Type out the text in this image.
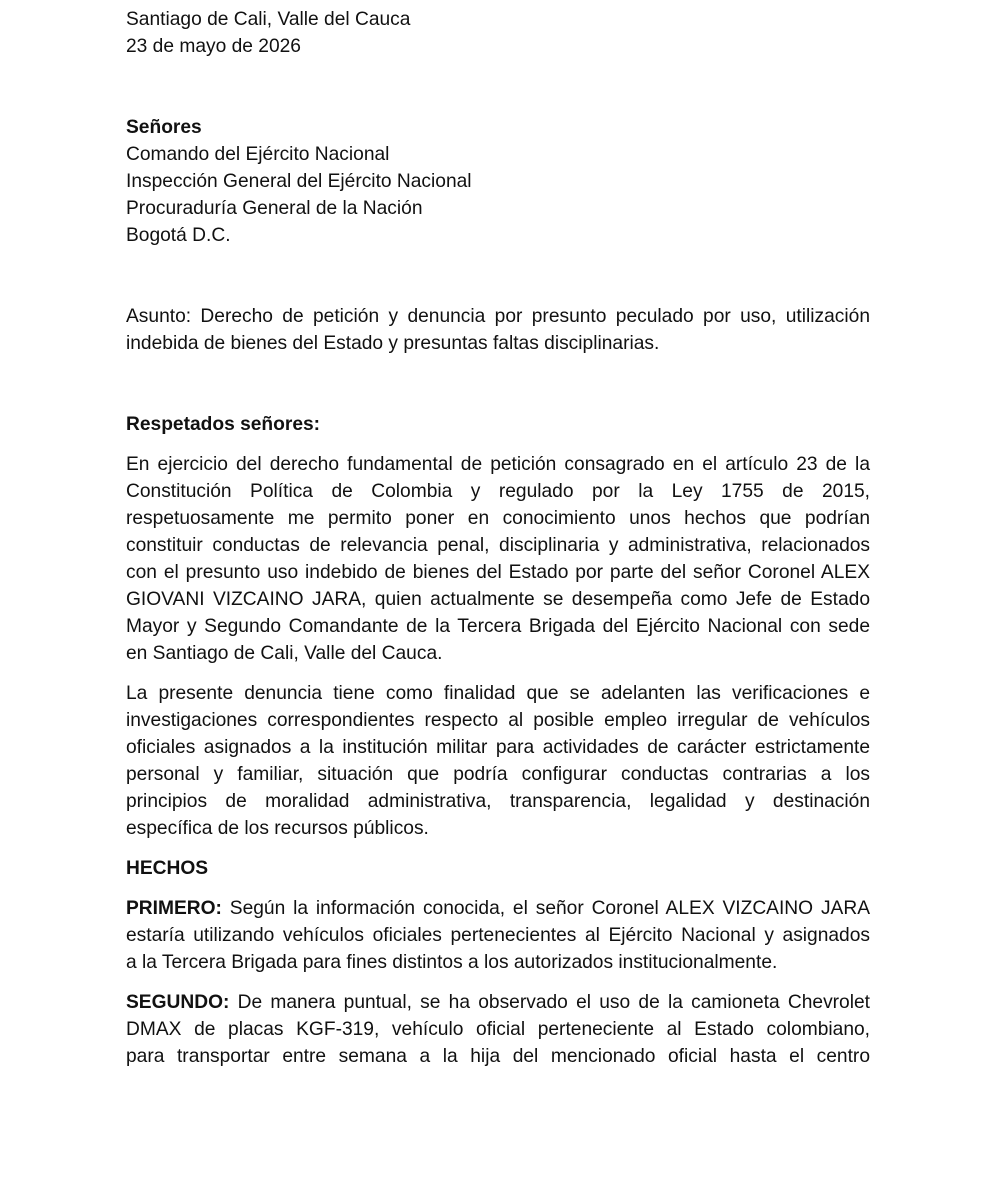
Santiago de Cali, Valle del Cauca
23 de mayo de 2026
Señores
Comando del Ejército Nacional
Inspección General del Ejército Nacional
Procuraduría General de la Nación
Bogotá D.C.
Asunto: Derecho de petición y denuncia por presunto peculado por uso, utilización
indebida de bienes del Estado y presuntas faltas disciplinarias.
Respetados señores:
En ejercicio del derecho fundamental de petición consagrado en el artículo 23 de la
Constitución Política de Colombia y regulado por la Ley 1755 de 2015,
respetuosamente me permito poner en conocimiento unos hechos que podrían
constituir conductas de relevancia penal, disciplinaria y administrativa, relacionados
con el presunto uso indebido de bienes del Estado por parte del señor Coronel ALEX
GIOVANI VIZCAINO JARA, quien actualmente se desempeña como Jefe de Estado
Mayor y Segundo Comandante de la Tercera Brigada del Ejército Nacional con sede
en Santiago de Cali, Valle del Cauca.
La presente denuncia tiene como finalidad que se adelanten las verificaciones e
investigaciones correspondientes respecto al posible empleo irregular de vehículos
oficiales asignados a la institución militar para actividades de carácter estrictamente
personal y familiar, situación que podría configurar conductas contrarias a los
principios de moralidad administrativa, transparencia, legalidad y destinación
específica de los recursos públicos.
HECHOS
PRIMERO: Según la información conocida, el señor Coronel ALEX VIZCAINO JARA
estaría utilizando vehículos oficiales pertenecientes al Ejército Nacional y asignados
a la Tercera Brigada para fines distintos a los autorizados institucionalmente.
SEGUNDO: De manera puntual, se ha observado el uso de la camioneta Chevrolet
DMAX de placas KGF-319, vehículo oficial perteneciente al Estado colombiano,
para transportar entre semana a la hija del mencionado oficial hasta el centro
